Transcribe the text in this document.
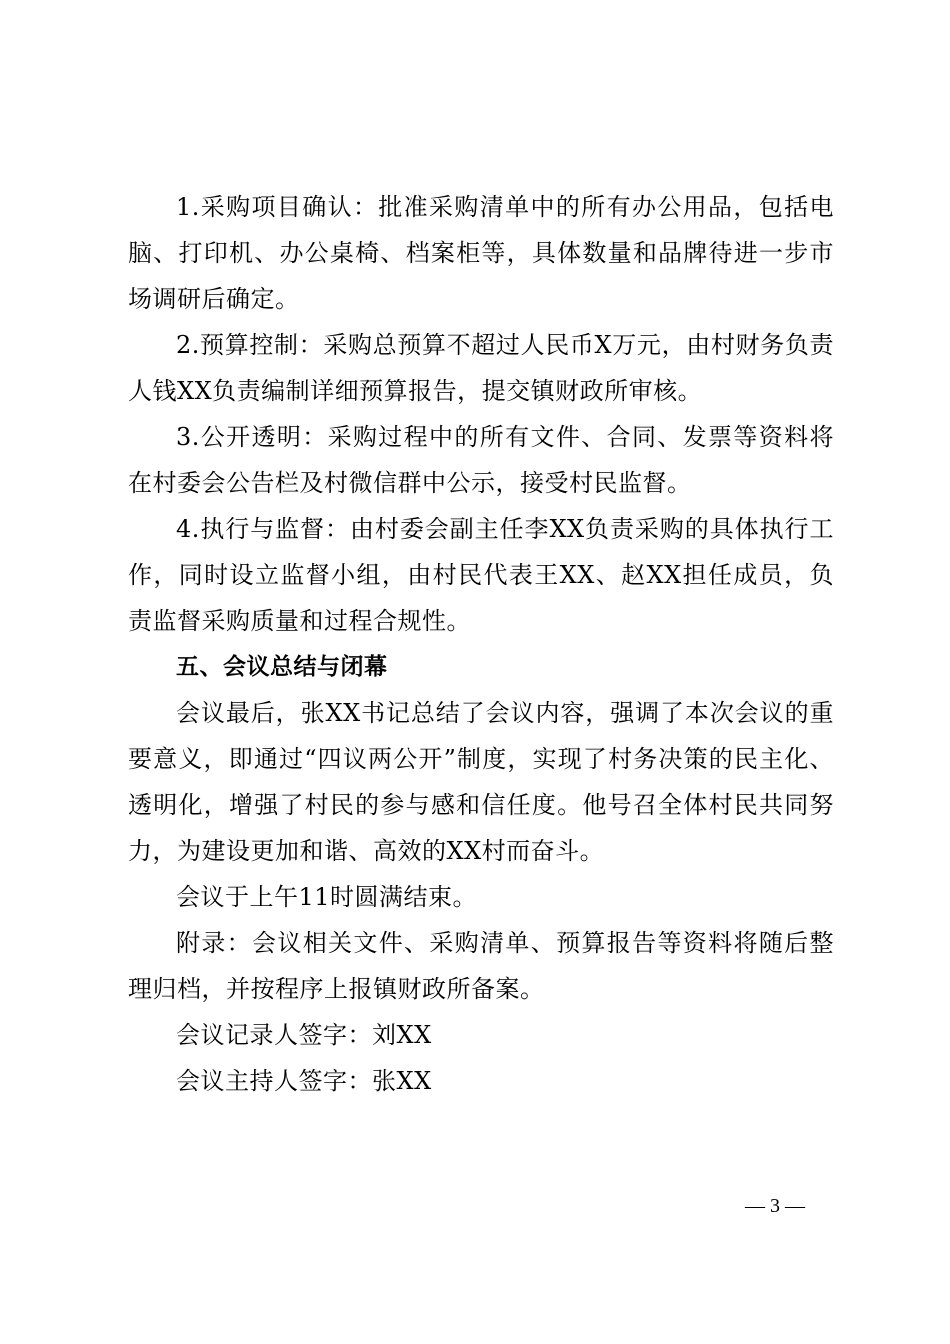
1.采购项目确认：批准采购清单中的所有办公用品，包括电脑、打印机、办公桌椅、档案柜等，具体数量和品牌待进一步市场调研后确定。

2.预算控制：采购总预算不超过人民币X万元，由村财务负责人钱XX负责编制详细预算报告，提交镇财政所审核。

3.公开透明：采购过程中的所有文件、合同、发票等资料将在村委会公告栏及村微信群中公示，接受村民监督。

4.执行与监督：由村委会副主任李XX负责采购的具体执行工作，同时设立监督小组，由村民代表王XX、赵XX担任成员，负责监督采购质量和过程合规性。

五、会议总结与闭幕

会议最后，张XX书记总结了会议内容，强调了本次会议的重要意义，即通过“四议两公开”制度，实现了村务决策的民主化、透明化，增强了村民的参与感和信任度。他号召全体村民共同努力，为建设更加和谐、高效的XX村而奋斗。

会议于上午11时圆满结束。

附录：会议相关文件、采购清单、预算报告等资料将随后整理归档，并按程序上报镇财政所备案。

会议记录人签字：刘XX

会议主持人签字：张XX

— 3 —
